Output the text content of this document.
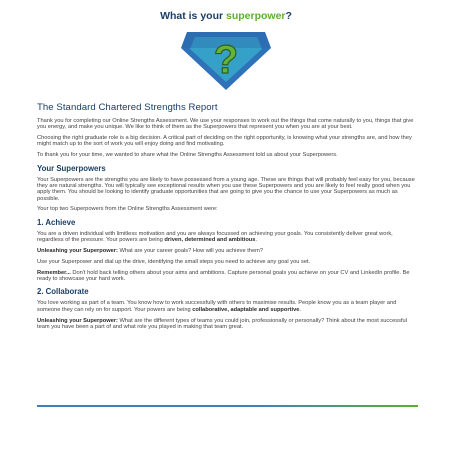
What is your superpower?
?
The Standard Chartered Strengths Report

Thank you for completing our Online Strengths Assessment. We use your responses to work out the things that come naturally to you, things that give you energy, and make you unique. We like to think of them as the Superpowers that represent you when you are at your best.

Choosing the right graduate role is a big decision. A critical part of deciding on the right opportunity, is knowing what your strengths are, and how they might match up to the sort of work you will enjoy doing and find motivating.

To thank you for your time, we wanted to share what the Online Strengths Assessment told us about your Superpowers.

Your Superpowers

Your Superpowers are the strengths you are likely to have possessed from a young age. These are things that will probably feel easy for you, because they are natural strengths. You will typically see exceptional results when you use these Superpowers and you are likely to feel really good when you apply them. You should be looking to identify graduate opportunities that are going to give you the chance to use your Superpowers as much as possible.

Your top two Superpowers from the Online Strengths Assessment were:

1. Achieve

You are a driven individual with limitless motivation and you are always focussed on achieving your goals. You consistently deliver great work, regardless of the pressure. Your powers are being driven, determined and ambitious.

Unleashing your Superpower: What are your career goals? How will you achieve them?

Use your Superpower and dial up the drive, identifying the small steps you need to achieve any goal you set.

Remember... Don't hold back telling others about your aims and ambitions. Capture personal goals you achieve on your CV and LinkedIn profile. Be ready to showcase your hard work.

2. Collaborate

You love working as part of a team. You know how to work successfully with others to maximise results. People know you as a team player and someone they can rely on for support. Your powers are being collaborative, adaptable and supportive.

Unleashing your Superpower: What are the different types of teams you could join, professionally or personally? Think about the most successful team you have been a part of and what role you played in making that team great.
